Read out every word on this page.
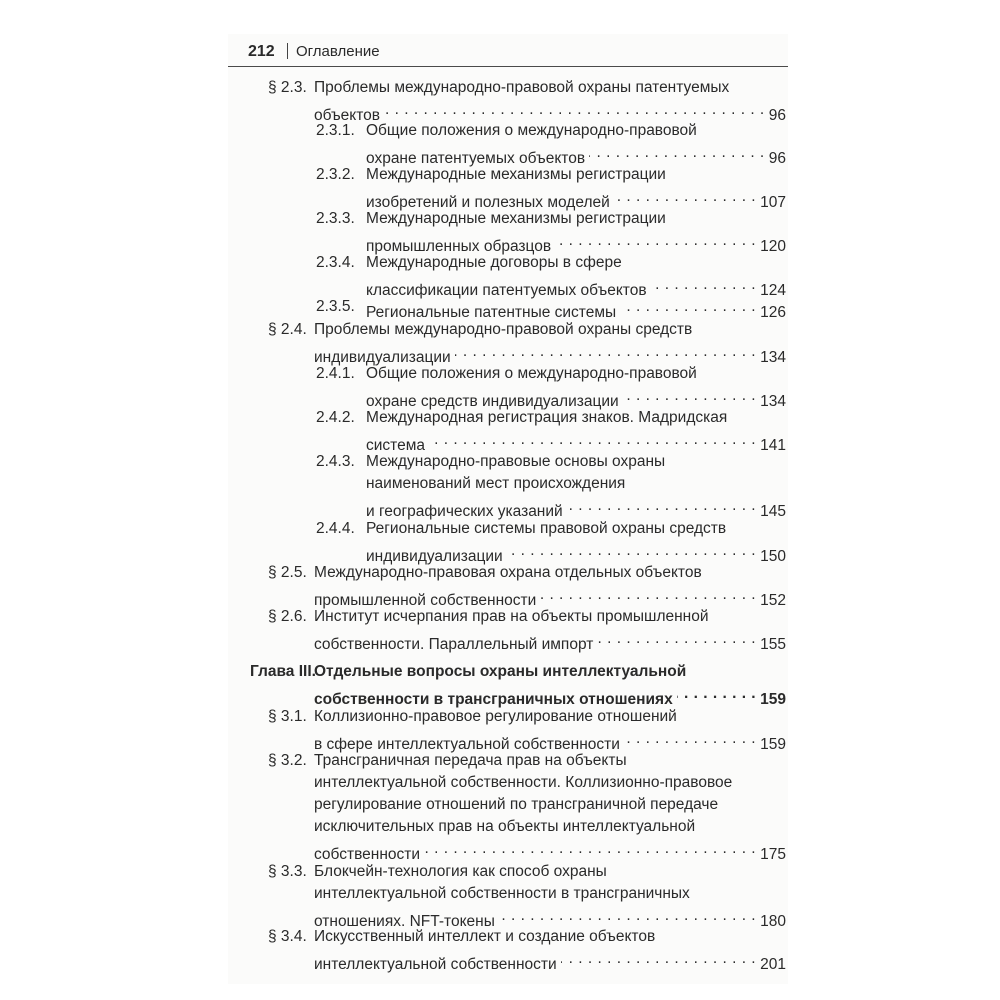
212 Оглавление
§ 2.3. Проблемы международно-правовой охраны патентуемых
объектов . . .	96
2.3.1. Общие положения о международно-правовой
охране патентуемых объектов . . .	96
2.3.2. Международные механизмы регистрации
изобретений и полезных моделей . . .	107
2.3.3. Международные механизмы регистрации
промышленных образцов . . .	120
2.3.4. Международные договоры в сфере
классификации патентуемых объектов . . .	124
2.3.5. Региональные патентные системы . . .	126
§ 2.4. Проблемы международно-правовой охраны средств
индивидуализации . . .	134
2.4.1. Общие положения о международно-правовой
охране средств индивидуализации . . .	134
2.4.2. Международная регистрация знаков. Мадридская
система . . .	141
2.4.3. Международно-правовые основы охраны
наименований мест происхождения
и географических указаний . . .	145
2.4.4. Региональные системы правовой охраны средств
индивидуализации . . .	150
§ 2.5. Международно-правовая охрана отдельных объектов
промышленной собственности . . .	152
§ 2.6. Институт исчерпания прав на объекты промышленной
собственности. Параллельный импорт . . .	155
Глава III.
Отдельные вопросы охраны интеллектуальной
собственности в трансграничных отношениях . . .	159
§ 3.1. Коллизионно-правовое регулирование отношений
в сфере интеллектуальной собственности . . .	159
§ 3.2. Трансграничная передача прав на объекты
интеллектуальной собственности. Коллизионно-правовое
регулирование отношений по трансграничной передаче
исключительных прав на объекты интеллектуальной
собственности . . .	175
§ 3.3. Блокчейн-технология как способ охраны
интеллектуальной собственности в трансграничных
отношениях. NFT-токены . . .	180
§ 3.4. Искусственный интеллект и создание объектов
интеллектуальной собственности . . .	201
